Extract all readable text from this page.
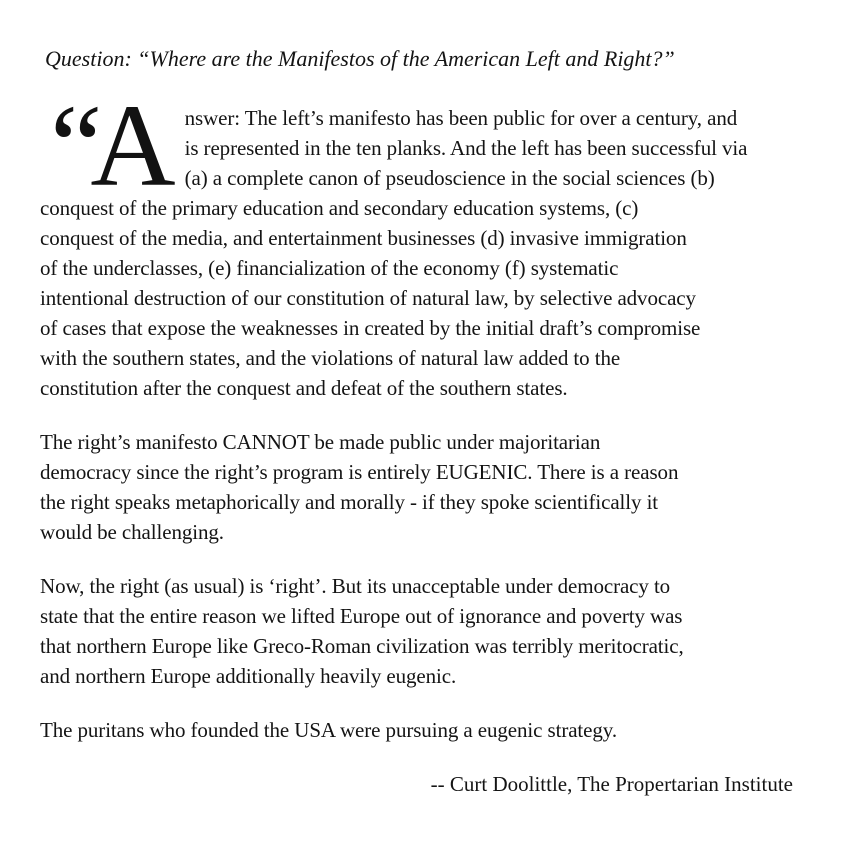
Question: “Where are the Manifestos of the American Left and Right?”

“A nswer: The left’s manifesto has been public for over a century, and
is represented in the ten planks. And the left has been successful via
(a) a complete canon of pseudoscience in the social sciences (b)
conquest of the primary education and secondary education systems, (c)
conquest of the media, and entertainment businesses (d) invasive immigration
of the underclasses, (e) financialization of the economy (f) systematic
intentional destruction of our constitution of natural law, by selective advocacy
of cases that expose the weaknesses in created by the initial draft’s compromise
with the southern states, and the violations of natural law added to the
constitution after the conquest and defeat of the southern states.
The right’s manifesto CANNOT be made public under majoritarian
democracy since the right’s program is entirely EUGENIC. There is a reason
the right speaks metaphorically and morally - if they spoke scientifically it
would be challenging.
Now, the right (as usual) is ‘right’. But its unacceptable under democracy to
state that the entire reason we lifted Europe out of ignorance and poverty was
that northern Europe like Greco-Roman civilization was terribly meritocratic,
and northern Europe additionally heavily eugenic.
The puritans who founded the USA were pursuing a eugenic strategy.

-- Curt Doolittle, The Propertarian Institute
